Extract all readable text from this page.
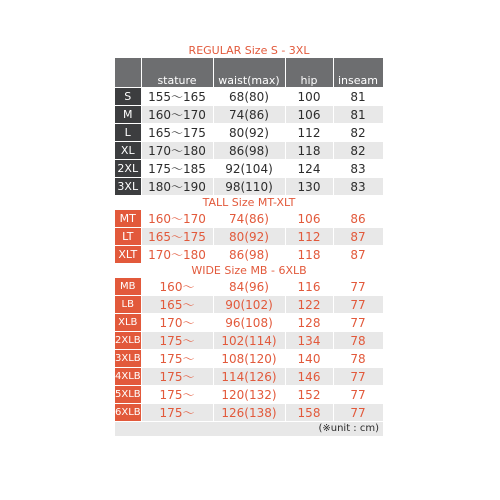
REGULAR Size S - 3XL

	stature	waist(max)	hip	inseam
S	155〜165	68(80)	100	81
M	160〜170	74(86)	106	81
L	165〜175	80(92)	112	82
XL	170〜180	86(98)	118	82
2XL	175〜185	92(104)	124	83
3XL	180〜190	98(110)	130	83
TALL Size MT-XLT
MT	160〜170	74(86)	106	86
LT	165〜175	80(92)	112	87
XLT	170〜180	86(98)	118	87
WIDE Size MB - 6XLB
MB	160〜	84(96)	116	77
LB	165〜	90(102)	122	77
XLB	170〜	96(108)	128	77
2XLB	175〜	102(114)	134	78
3XLB	175〜	108(120)	140	78
4XLB	175〜	114(126)	146	77
5XLB	175〜	120(132)	152	77
6XLB	175〜	126(138)	158	77
(※unit : cm)
